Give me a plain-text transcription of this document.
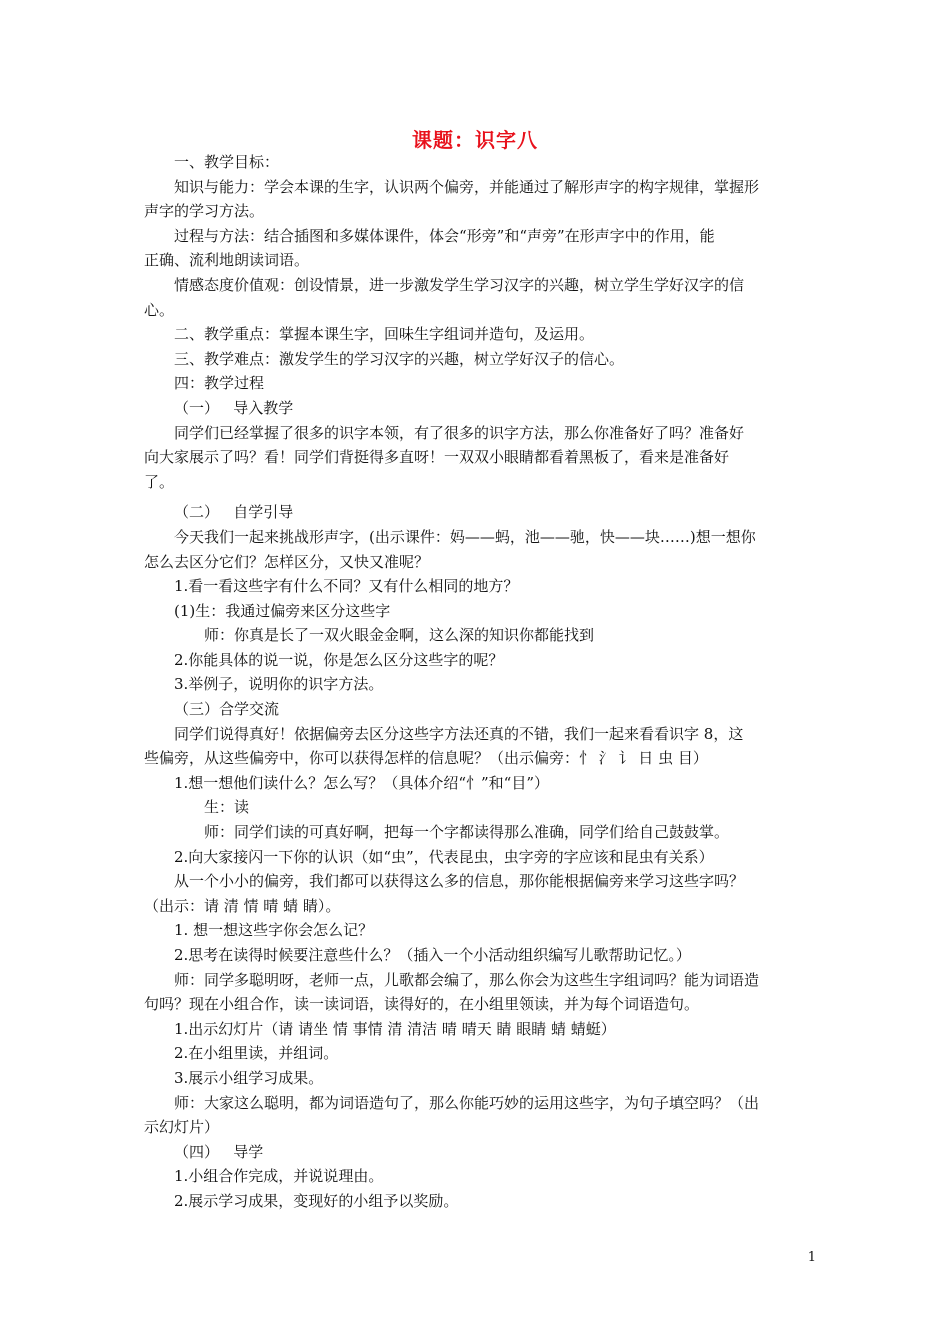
课题：识字八
一、教学目标：
知识与能力：学会本课的生字，认识两个偏旁，并能通过了解形声字的构字规律，掌握形
声字的学习方法。
过程与方法：结合插图和多媒体课件，体会“形旁”和“声旁”在形声字中的作用，能
正确、流利地朗读词语。
情感态度价值观：创设情景，进一步激发学生学习汉字的兴趣，树立学生学好汉字的信
心。
二、教学重点：掌握本课生字，回味生字组词并造句，及运用。
三、教学难点：激发学生的学习汉字的兴趣，树立学好汉子的信心。
四：教学过程
（一）   导入教学
同学们已经掌握了很多的识字本领，有了很多的识字方法，那么你准备好了吗？准备好
向大家展示了吗？看！同学们背挺得多直呀！一双双小眼睛都看着黑板了，看来是准备好
了。
（二）   自学引导
今天我们一起来挑战形声字，(出示课件：妈——蚂，池——驰，快——块……)想一想你
怎么去区分它们？怎样区分，又快又准呢？
1.看一看这些字有什么不同？又有什么相同的地方？
(1)生：我通过偏旁来区分这些字
师：你真是长了一双火眼金金啊，这么深的知识你都能找到
2.你能具体的说一说，你是怎么区分这些字的呢？
3.举例子，说明你的识字方法。
（三）合学交流
同学们说得真好！依据偏旁去区分这些字方法还真的不错，我们一起来看看识字 8，这
些偏旁，从这些偏旁中，你可以获得怎样的信息呢？（出示偏旁：忄 氵 讠 日 虫 目）
1.想一想他们读什么？怎么写？（具体介绍“忄”和“目”）
生：读
师：同学们读的可真好啊，把每一个字都读得那么准确，同学们给自己鼓鼓掌。
2.向大家接闪一下你的认识（如“虫”，代表昆虫，虫字旁的字应该和昆虫有关系）
从一个小小的偏旁，我们都可以获得这么多的信息，那你能根据偏旁来学习这些字吗？
（出示：请 清 情 晴 蜻 睛）。
1. 想一想这些字你会怎么记？
2.思考在读得时候要注意些什么？（插入一个小活动组织编写儿歌帮助记忆。）
师：同学多聪明呀，老师一点，儿歌都会编了，那么你会为这些生字组词吗？能为词语造
句吗？现在小组合作，读一读词语，读得好的，在小组里领读，并为每个词语造句。
1.出示幻灯片（请 请坐 情 事情 清 清洁 晴 晴天 睛 眼睛 蜻 蜻蜓）
2.在小组里读，并组词。
3.展示小组学习成果。
师：大家这么聪明，都为词语造句了，那么你能巧妙的运用这些字，为句子填空吗？（出
示幻灯片）
（四）   导学
1.小组合作完成，并说说理由。
2.展示学习成果，变现好的小组予以奖励。
1
